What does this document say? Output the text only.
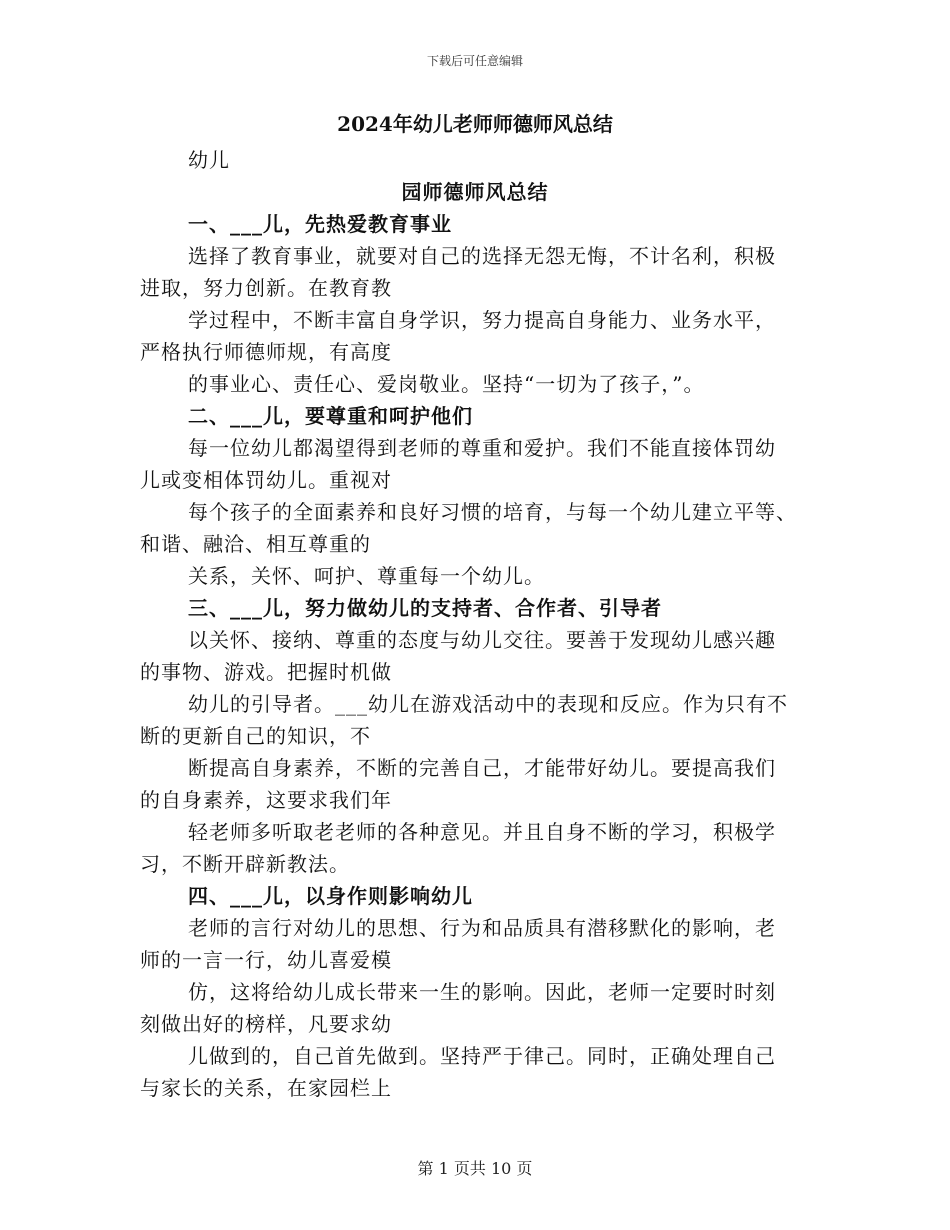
下载后可任意编辑
2024年幼儿老师师德师风总结
幼儿
园师德师风总结
一、___儿，先热爱教育事业
选择了教育事业，就要对自己的选择无怨无悔，不计名利，积极
进取，努力创新。在教育教
学过程中，不断丰富自身学识，努力提高自身能力、业务水平，
严格执行师德师规，有高度
的事业心、责任心、爱岗敬业。坚持“一切为了孩子，”。
二、___儿，要尊重和呵护他们
每一位幼儿都渴望得到老师的尊重和爱护。我们不能直接体罚幼
儿或变相体罚幼儿。重视对
每个孩子的全面素养和良好习惯的培育，与每一个幼儿建立平等、
和谐、融洽、相互尊重的
关系，关怀、呵护、尊重每一个幼儿。
三、___儿，努力做幼儿的支持者、合作者、引导者
以关怀、接纳、尊重的态度与幼儿交往。要善于发现幼儿感兴趣
的事物、游戏。把握时机做
幼儿的引导者。___幼儿在游戏活动中的表现和反应。作为只有不
断的更新自己的知识，不
断提高自身素养，不断的完善自己，才能带好幼儿。要提高我们
的自身素养，这要求我们年
轻老师多听取老老师的各种意见。并且自身不断的学习，积极学
习，不断开辟新教法。
四、___儿，以身作则影响幼儿
老师的言行对幼儿的思想、行为和品质具有潜移默化的影响，老
师的一言一行，幼儿喜爱模
仿，这将给幼儿成长带来一生的影响。因此，老师一定要时时刻
刻做出好的榜样，凡要求幼
儿做到的，自己首先做到。坚持严于律己。同时，正确处理自己
与家长的关系，在家园栏上
第 1 页共 10 页
